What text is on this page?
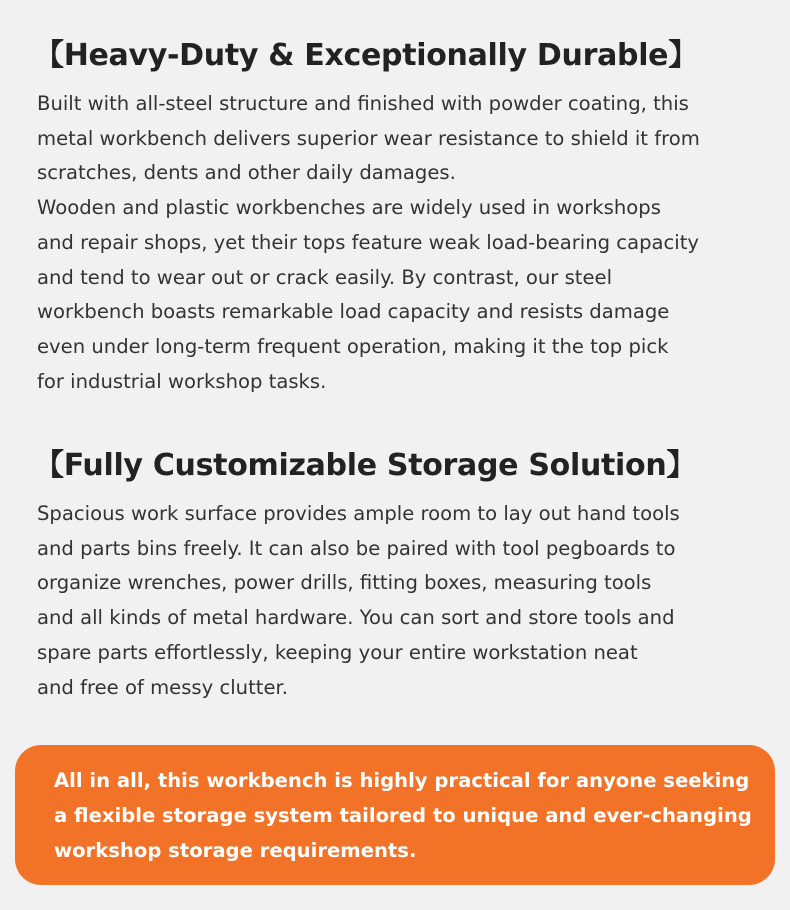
【Heavy-Duty & Exceptionally Durable】

Built with all-steel structure and finished with powder coating, this
metal workbench delivers superior wear resistance to shield it from
scratches, dents and other daily damages.
Wooden and plastic workbenches are widely used in workshops
and repair shops, yet their tops feature weak load-bearing capacity
and tend to wear out or crack easily. By contrast, our steel
workbench boasts remarkable load capacity and resists damage
even under long-term frequent operation, making it the top pick
for industrial workshop tasks.

【Fully Customizable Storage Solution】

Spacious work surface provides ample room to lay out hand tools
and parts bins freely. It can also be paired with tool pegboards to
organize wrenches, power drills, fitting boxes, measuring tools
and all kinds of metal hardware. You can sort and store tools and
spare parts effortlessly, keeping your entire workstation neat
and free of messy clutter.

All in all, this workbench is highly practical for anyone seeking
a flexible storage system tailored to unique and ever-changing
workshop storage requirements.
